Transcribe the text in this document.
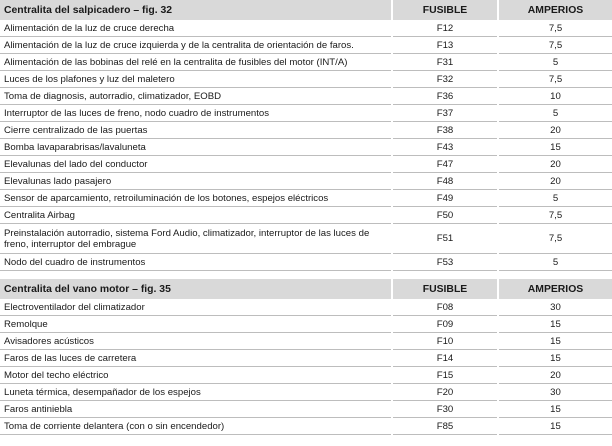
Centralita del salpicadero – fig. 32	FUSIBLE	AMPERIOS
Alimentación de la luz de cruce derecha	F12	7,5
Alimentación de la luz de cruce izquierda y de la centralita de orientación de faros.	F13	7,5
Alimentación de las bobinas del relé en la centralita de fusibles del motor (INT/A)	F31	5
Luces de los plafones y luz del maletero	F32	7,5
Toma de diagnosis, autorradio, climatizador, EOBD	F36	10
Interruptor de las luces de freno, nodo cuadro de instrumentos	F37	5
Cierre centralizado de las puertas	F38	20
Bomba lavaparabrisas/lavaluneta	F43	15
Elevalunas del lado del conductor	F47	20
Elevalunas lado pasajero	F48	20
Sensor de aparcamiento, retroiluminación de los botones, espejos eléctricos	F49	5
Centralita Airbag	F50	7,5
Preinstalación autorradio, sistema Ford Audio, climatizador, interruptor de las luces de freno, interruptor del embrague	F51	7,5
Nodo del cuadro de instrumentos	F53	5
Centralita del vano motor – fig. 35	FUSIBLE	AMPERIOS
Electroventilador del climatizador	F08	30
Remolque	F09	15
Avisadores acústicos	F10	15
Faros de las luces de carretera	F14	15
Motor del techo eléctrico	F15	20
Luneta térmica, desempañador de los espejos	F20	30
Faros antiniebla	F30	15
Toma de corriente delantera (con o sin encendedor)	F85	15
